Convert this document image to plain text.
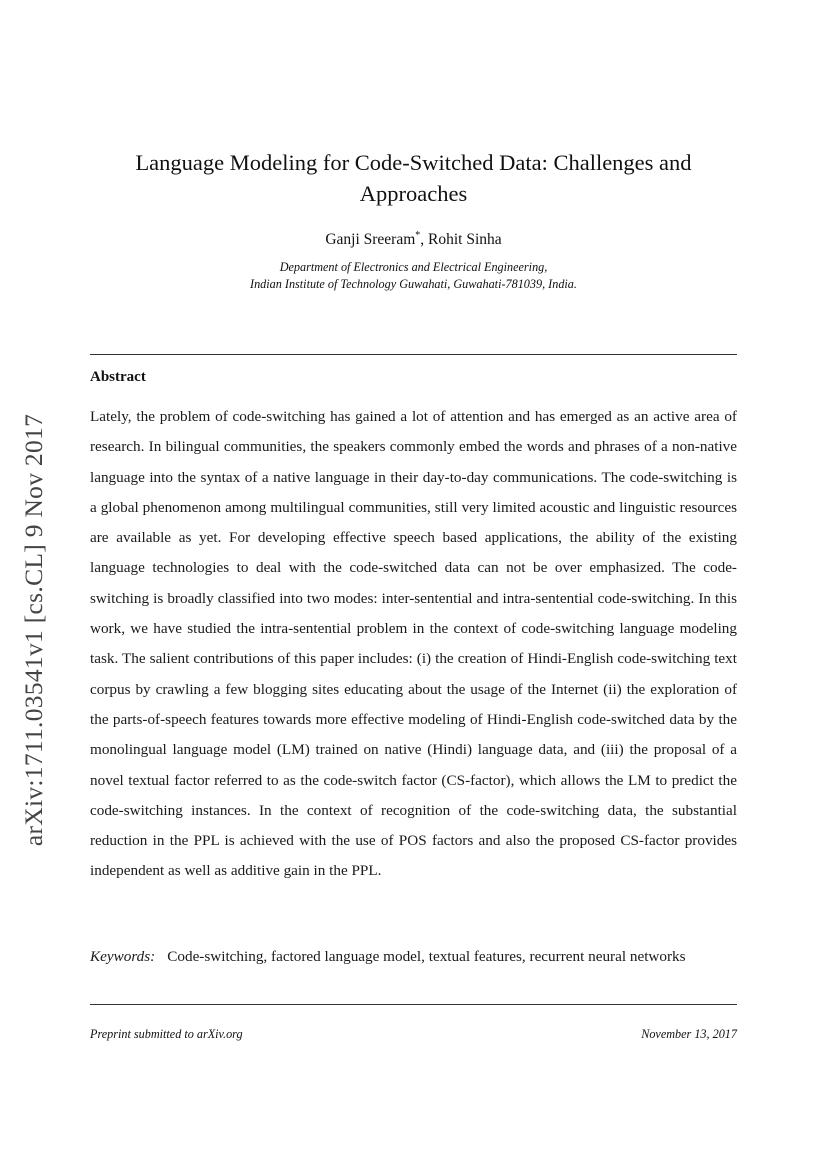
arXiv:1711.03541v1 [cs.CL] 9 Nov 2017
Language Modeling for Code-Switched Data: Challenges and
Approaches
Ganji Sreeram*, Rohit Sinha
Department of Electronics and Electrical Engineering,
Indian Institute of Technology Guwahati, Guwahati-781039, India.
Abstract
Lately, the problem of code-switching has gained a lot of attention and has emerged as an active area of research. In bilingual communities, the speakers commonly embed the words and phrases of a non-native language into the syntax of a native language in their day-to-day communications. The code-switching is a global phenomenon among multilingual communities, still very limited acoustic and linguistic resources are available as yet. For developing effective speech based applications, the ability of the existing language technologies to deal with the code-switched data can not be over emphasized. The code-switching is broadly classified into two modes: inter-sentential and intra-sentential code-switching. In this work, we have studied the intra-sentential problem in the context of code-switching language modeling task. The salient contributions of this paper includes: (i) the creation of Hindi-English code-switching text corpus by crawling a few blogging sites educating about the usage of the Internet (ii) the exploration of the parts-of-speech features towards more effective modeling of Hindi-English code-switched data by the monolingual language model (LM) trained on native (Hindi) language data, and (iii) the proposal of a novel textual factor referred to as the code-switch factor (CS-factor), which allows the LM to predict the code-switching instances. In the context of recognition of the code-switching data, the substantial reduction in the PPL is achieved with the use of POS factors and also the proposed CS-factor provides independent as well as additive gain in the PPL.
Keywords: Code-switching, factored language model, textual features, recurrent neural networks
Preprint submitted to arXiv.org	November 13, 2017
